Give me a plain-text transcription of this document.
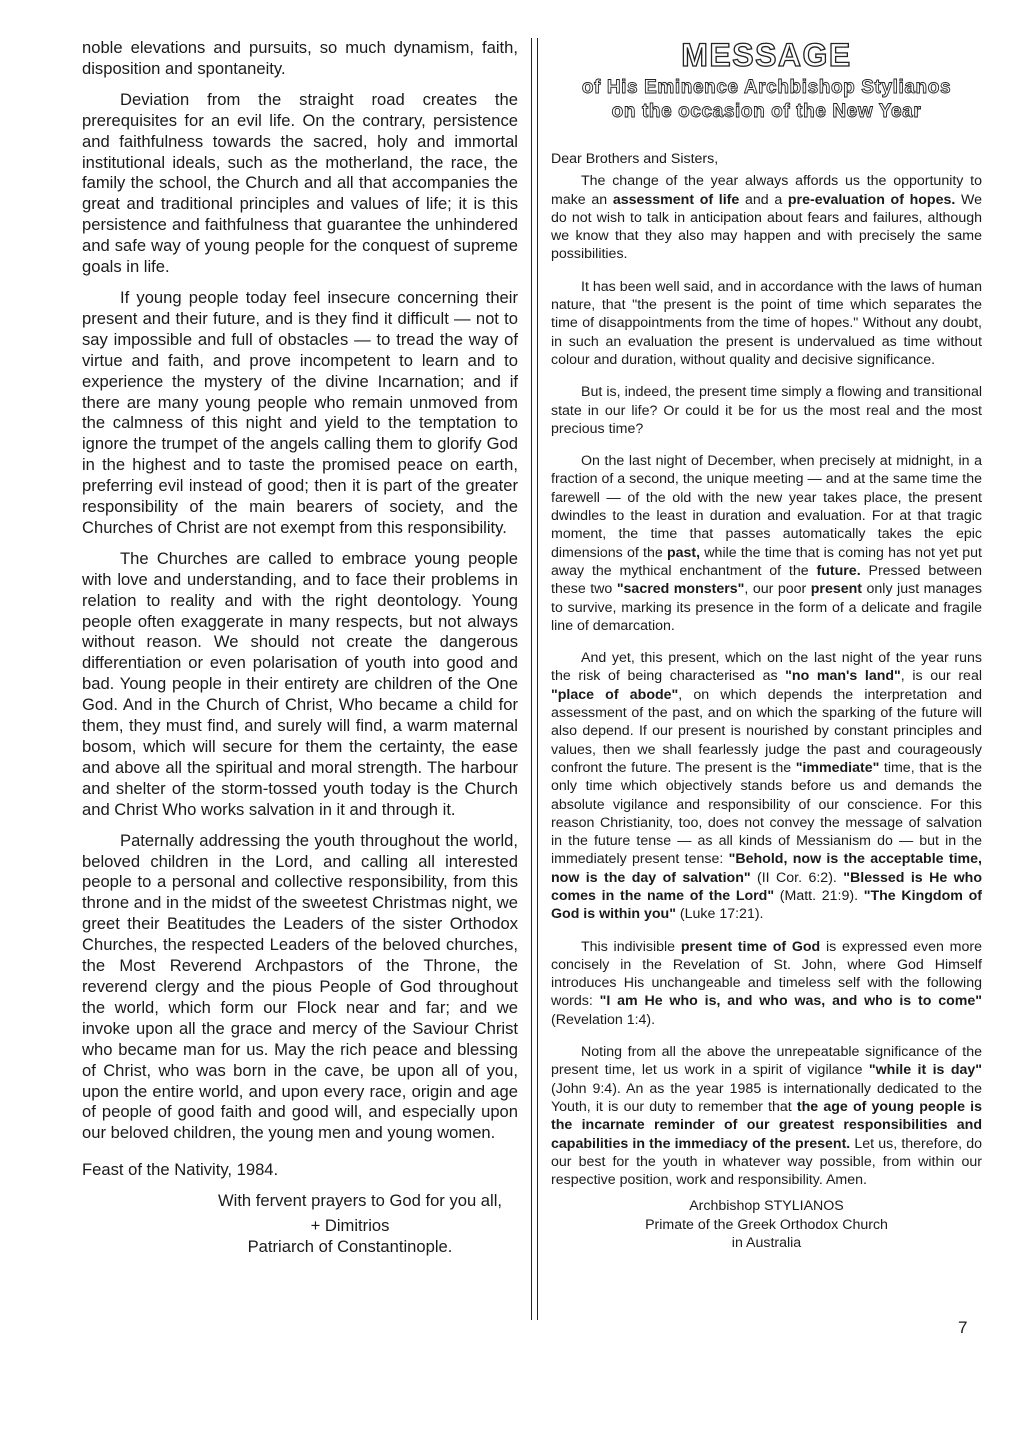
noble elevations and pursuits, so much dynamism, faith, disposition and spontaneity.

Deviation from the straight road creates the prerequisites for an evil life. On the contrary, persistence and faithfulness towards the sacred, holy and immortal institutional ideals, such as the motherland, the race, the family the school, the Church and all that accompanies the great and traditional principles and values of life; it is this persistence and faithfulness that guarantee the unhindered and safe way of young people for the conquest of supreme goals in life.

If young people today feel insecure concerning their present and their future, and is they find it difficult — not to say impossible and full of obstacles — to tread the way of virtue and faith, and prove incompetent to learn and to experience the mystery of the divine Incarnation; and if there are many young people who remain unmoved from the calmness of this night and yield to the temptation to ignore the trumpet of the angels calling them to glorify God in the highest and to taste the promised peace on earth, preferring evil instead of good; then it is part of the greater responsibility of the main bearers of society, and the Churches of Christ are not exempt from this responsibility.

The Churches are called to embrace young people with love and understanding, and to face their problems in relation to reality and with the right deontology. Young people often exaggerate in many respects, but not always without reason. We should not create the dangerous differentiation or even polarisation of youth into good and bad. Young people in their entirety are children of the One God. And in the Church of Christ, Who became a child for them, they must find, and surely will find, a warm maternal bosom, which will secure for them the certainty, the ease and above all the spiritual and moral strength. The harbour and shelter of the storm-tossed youth today is the Church and Christ Who works salvation in it and through it.

Paternally addressing the youth throughout the world, beloved children in the Lord, and calling all interested people to a personal and collective responsibility, from this throne and in the midst of the sweetest Christmas night, we greet their Beatitudes the Leaders of the sister Orthodox Churches, the respected Leaders of the beloved churches, the Most Reverend Archpastors of the Throne, the reverend clergy and the pious People of God throughout the world, which form our Flock near and far; and we invoke upon all the grace and mercy of the Saviour Christ who became man for us. May the rich peace and blessing of Christ, who was born in the cave, be upon all of you, upon the entire world, and upon every race, origin and age of people of good faith and good will, and especially upon our beloved children, the young men and young women.

Feast of the Nativity, 1984.

With fervent prayers to God for you all,
+ Dimitrios
Patriarch of Constantinople.
MESSAGE
of His Eminence Archbishop Stylianos
on the occasion of the New Year

Dear Brothers and Sisters,

The change of the year always affords us the opportunity to make an assessment of life and a pre-evaluation of hopes. We do not wish to talk in anticipation about fears and failures, although we know that they also may happen and with precisely the same possibilities.

It has been well said, and in accordance with the laws of human nature, that "the present is the point of time which separates the time of disappointments from the time of hopes." Without any doubt, in such an evaluation the present is undervalued as time without colour and duration, without quality and decisive significance.

But is, indeed, the present time simply a flowing and transitional state in our life? Or could it be for us the most real and the most precious time?

On the last night of December, when precisely at midnight, in a fraction of a second, the unique meeting — and at the same time the farewell — of the old with the new year takes place, the present dwindles to the least in duration and evaluation. For at that tragic moment, the time that passes automatically takes the epic dimensions of the past, while the time that is coming has not yet put away the mythical enchantment of the future. Pressed between these two "sacred monsters", our poor present only just manages to survive, marking its presence in the form of a delicate and fragile line of demarcation.

And yet, this present, which on the last night of the year runs the risk of being characterised as "no man's land", is our real "place of abode", on which depends the interpretation and assessment of the past, and on which the sparking of the future will also depend. If our present is nourished by constant principles and values, then we shall fearlessly judge the past and courageously confront the future. The present is the "immediate" time, that is the only time which objectively stands before us and demands the absolute vigilance and responsibility of our conscience. For this reason Christianity, too, does not convey the message of salvation in the future tense — as all kinds of Messianism do — but in the immediately present tense: "Behold, now is the acceptable time, now is the day of salvation" (II Cor. 6:2). "Blessed is He who comes in the name of the Lord" (Matt. 21:9). "The Kingdom of God is within you" (Luke 17:21).

This indivisible present time of God is expressed even more concisely in the Revelation of St. John, where God Himself introduces His unchangeable and timeless self with the following words: "I am He who is, and who was, and who is to come" (Revelation 1:4).

Noting from all the above the unrepeatable significance of the present time, let us work in a spirit of vigilance "while it is day" (John 9:4). An as the year 1985 is internationally dedicated to the Youth, it is our duty to remember that the age of young people is the incarnate reminder of our greatest responsibilities and capabilities in the immediacy of the present. Let us, therefore, do our best for the youth in whatever way possible, from within our respective position, work and responsibility. Amen.

Archbishop STYLIANOS
Primate of the Greek Orthodox Church
in Australia
7
